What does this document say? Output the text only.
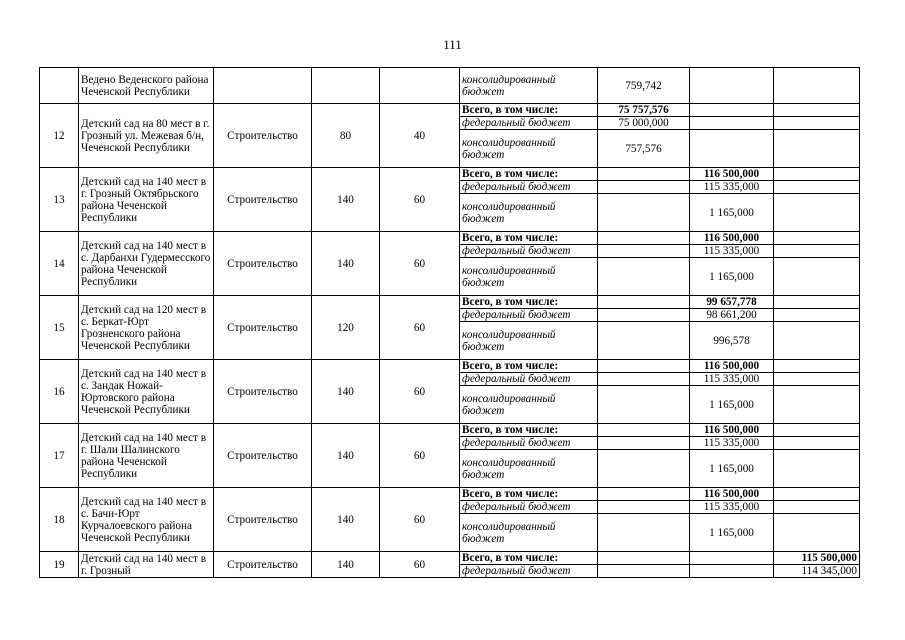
111
	Ведено Веденского района Чеченской Республики				консолидированный бюджет	759,742		
12	Детский сад на 80 мест в г. Грозный ул. Межевая б/н, Чеченской Республики	Строительство	80	40	Всего, в том числе:	75 757,576		
					федеральный бюджет	75 000,000		
					консолидированный бюджет	757,576		
13	Детский сад на 140 мест в г. Грозный Октябрьского района Чеченской Республики	Строительство	140	60	Всего, в том числе:		116 500,000	
					федеральный бюджет		115 335,000	
					консолидированный бюджет		1 165,000	
14	Детский сад на 140 мест в с. Дарбанхи Гудермесского района Чеченской Республики	Строительство	140	60	Всего, в том числе:		116 500,000	
					федеральный бюджет		115 335,000	
					консолидированный бюджет		1 165,000	
15	Детский сад на 120 мест в с. Беркат-Юрт Грозненского района Чеченской Республики	Строительство	120	60	Всего, в том числе:		99 657,778	
					федеральный бюджет		98 661,200	
					консолидированный бюджет		996,578	
16	Детский сад на 140 мест в с. Зандак Ножай-Юртовского района Чеченской Республики	Строительство	140	60	Всего, в том числе:		116 500,000	
					федеральный бюджет		115 335,000	
					консолидированный бюджет		1 165,000	
17	Детский сад на 140 мест в г. Шали Шалинского района Чеченской Республики	Строительство	140	60	Всего, в том числе:		116 500,000	
					федеральный бюджет		115 335,000	
					консолидированный бюджет		1 165,000	
18	Детский сад на 140 мест в с. Бачи-Юрт Курчалоевского района Чеченской Республики	Строительство	140	60	Всего, в том числе:		116 500,000	
					федеральный бюджет		115 335,000	
					консолидированный бюджет		1 165,000	
19	Детский сад на 140 мест в г. Грозный	Строительство	140	60	Всего, в том числе:			115 500,000
					федеральный бюджет			114 345,000
